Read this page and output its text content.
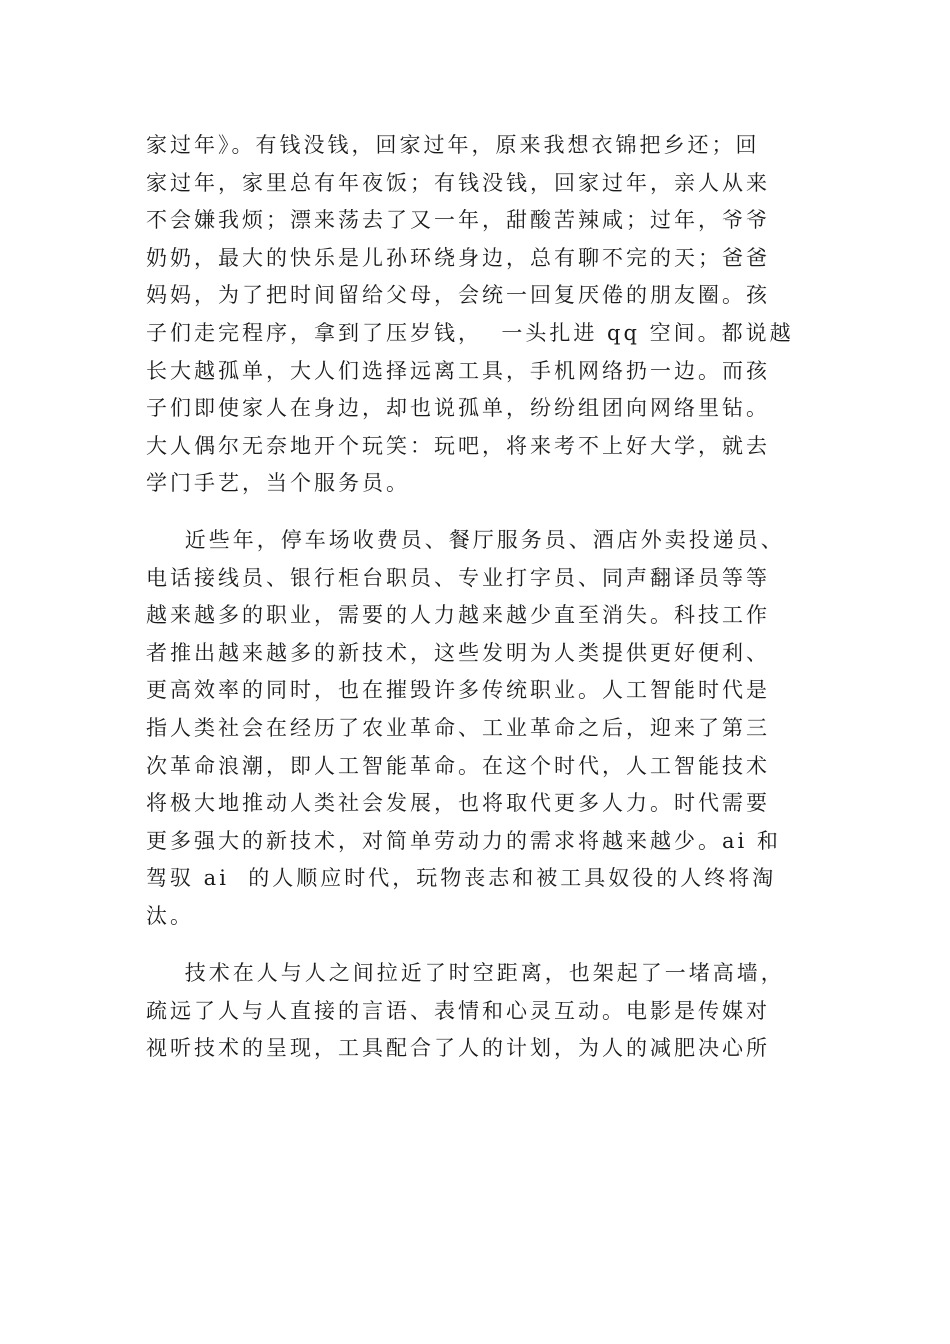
家过年》。有钱没钱，回家过年，原来我想衣锦把乡还；回
家过年，家里总有年夜饭；有钱没钱，回家过年，亲人从来
不会嫌我烦；漂来荡去了又一年，甜酸苦辣咸；过年，爷爷
奶奶，最大的快乐是儿孙环绕身边，总有聊不完的天；爸爸
妈妈，为了把时间留给父母，会统一回复厌倦的朋友圈。孩
子们走完程序，拿到了压岁钱，  一头扎进 qq 空间。都说越
长大越孤单，大人们选择远离工具，手机网络扔一边。而孩
子们即使家人在身边，却也说孤单，纷纷组团向网络里钻。
大人偶尔无奈地开个玩笑：玩吧，将来考不上好大学，就去
学门手艺，当个服务员。
近些年，停车场收费员、餐厅服务员、酒店外卖投递员、
电话接线员、银行柜台职员、专业打字员、同声翻译员等等
越来越多的职业，需要的人力越来越少直至消失。科技工作
者推出越来越多的新技术，这些发明为人类提供更好便利、
更高效率的同时，也在摧毁许多传统职业。人工智能时代是
指人类社会在经历了农业革命、工业革命之后，迎来了第三
次革命浪潮，即人工智能革命。在这个时代，人工智能技术
将极大地推动人类社会发展，也将取代更多人力。时代需要
更多强大的新技术，对简单劳动力的需求将越来越少。ai 和
驾驭 ai  的人顺应时代，玩物丧志和被工具奴役的人终将淘
汰。
技术在人与人之间拉近了时空距离，也架起了一堵高墙，
疏远了人与人直接的言语、表情和心灵互动。电影是传媒对
视听技术的呈现，工具配合了人的计划，为人的减肥决心所
